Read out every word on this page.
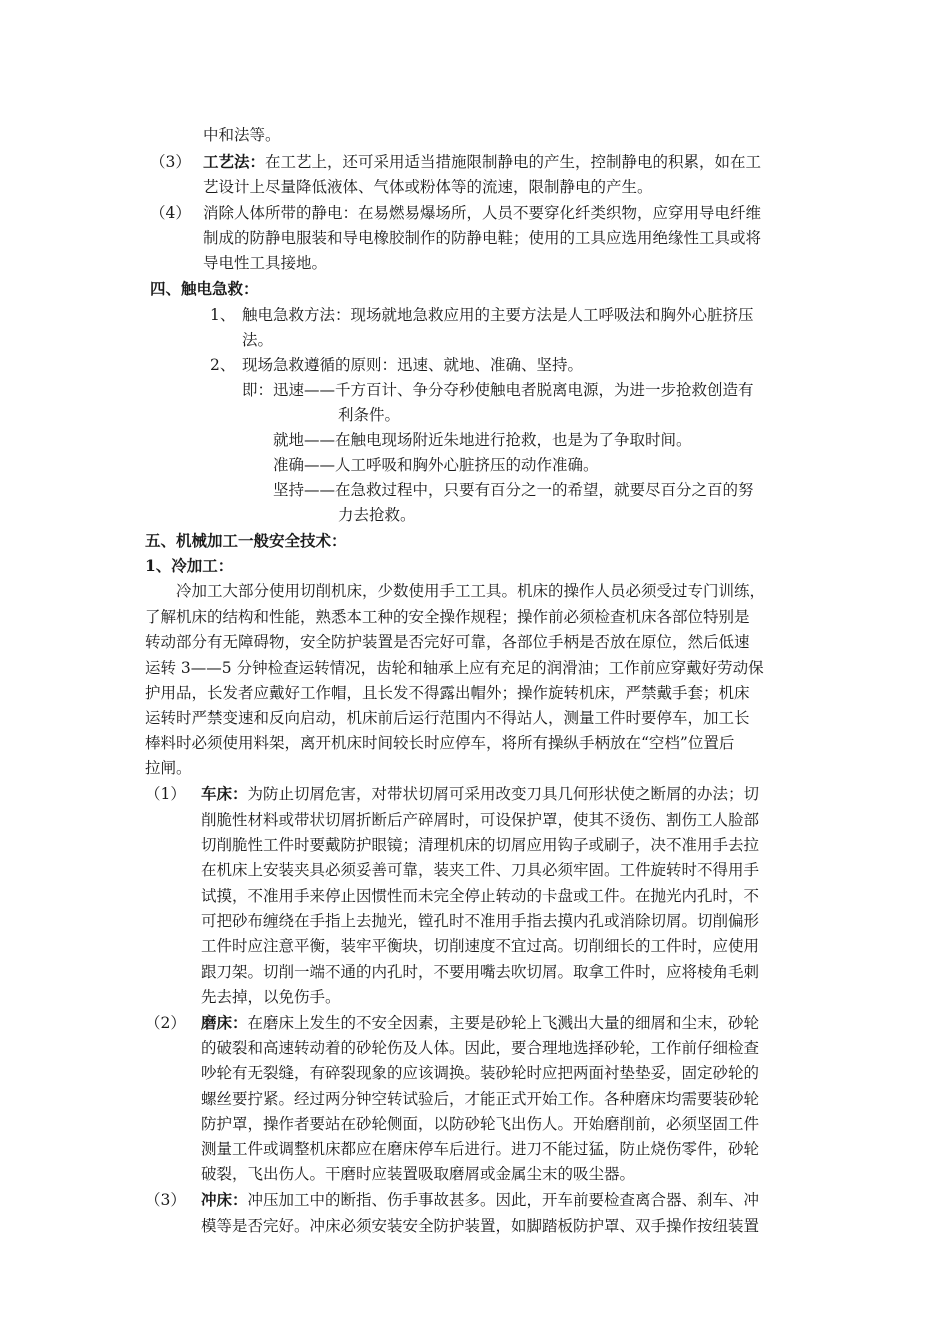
中和法等。
（3） 工艺法：在工艺上，还可采用适当措施限制静电的产生，控制静电的积累，如在工
艺设计上尽量降低液体、气体或粉体等的流速，限制静电的产生。
（4） 消除人体所带的静电：在易燃易爆场所，人员不要穿化纤类织物，应穿用导电纤维
制成的防静电服装和导电橡胶制作的防静电鞋；使用的工具应选用绝缘性工具或将
导电性工具接地。
四、触电急救：
1、 触电急救方法：现场就地急救应用的主要方法是人工呼吸法和胸外心脏挤压
法。
2、 现场急救遵循的原则：迅速、就地、准确、坚持。
即：迅速——千方百计、争分夺秒使触电者脱离电源，为进一步抢救创造有
利条件。
就地——在触电现场附近朱地进行抢救，也是为了争取时间。
准确——人工呼吸和胸外心脏挤压的动作准确。
坚持——在急救过程中，只要有百分之一的希望，就要尽百分之百的努
力去抢救。
五、机械加工一般安全技术：
1、冷加工：
冷加工大部分使用切削机床，少数使用手工工具。机床的操作人员必须受过专门训练，
了解机床的结构和性能，熟悉本工种的安全操作规程；操作前必须检查机床各部位特别是
转动部分有无障碍物，安全防护装置是否完好可靠，各部位手柄是否放在原位，然后低速
运转 3——5 分钟检查运转情况，齿轮和轴承上应有充足的润滑油；工作前应穿戴好劳动保
护用品，长发者应戴好工作帽，且长发不得露出帽外；操作旋转机床，严禁戴手套；机床
运转时严禁变速和反向启动，机床前后运行范围内不得站人，测量工件时要停车，加工长
棒料时必须使用料架，离开机床时间较长时应停车，将所有操纵手柄放在“空档”位置后
拉闸。
（1） 车床：为防止切屑危害，对带状切屑可采用改变刀具几何形状使之断屑的办法；切
削脆性材料或带状切屑折断后产碎屑时，可设保护罩，使其不烫伤、割伤工人脸部
切削脆性工件时要戴防护眼镜；清理机床的切屑应用钩子或刷子，决不准用手去拉
在机床上安装夹具必须妥善可靠，装夹工件、刀具必须牢固。工件旋转时不得用手
试摸，不准用手来停止因惯性而未完全停止转动的卡盘或工件。在抛光内孔时，不
可把砂布缠绕在手指上去抛光，镗孔时不准用手指去摸内孔或消除切屑。切削偏形
工件时应注意平衡，装牢平衡块，切削速度不宜过高。切削细长的工件时，应使用
跟刀架。切削一端不通的内孔时，不要用嘴去吹切屑。取拿工件时，应将棱角毛刺
先去掉，以免伤手。
（2） 磨床：在磨床上发生的不安全因素，主要是砂轮上飞溅出大量的细屑和尘末，砂轮
的破裂和高速转动着的砂轮伤及人体。因此，要合理地选择砂轮，工作前仔细检查
吵轮有无裂缝，有碎裂现象的应该调换。装砂轮时应把两面衬垫垫妥，固定砂轮的
螺丝要拧紧。经过两分钟空转试验后，才能正式开始工作。各种磨床均需要装砂轮
防护罩，操作者要站在砂轮侧面，以防砂轮飞出伤人。开始磨削前，必须坚固工件
测量工件或调整机床都应在磨床停车后进行。进刀不能过猛，防止烧伤零件，砂轮
破裂，飞出伤人。干磨时应装置吸取磨屑或金属尘末的吸尘器。
（3） 冲床：冲压加工中的断指、伤手事故甚多。因此，开车前要检查离合器、刹车、冲
模等是否完好。冲床必须安装安全防护装置，如脚踏板防护罩、双手操作按纽装置
